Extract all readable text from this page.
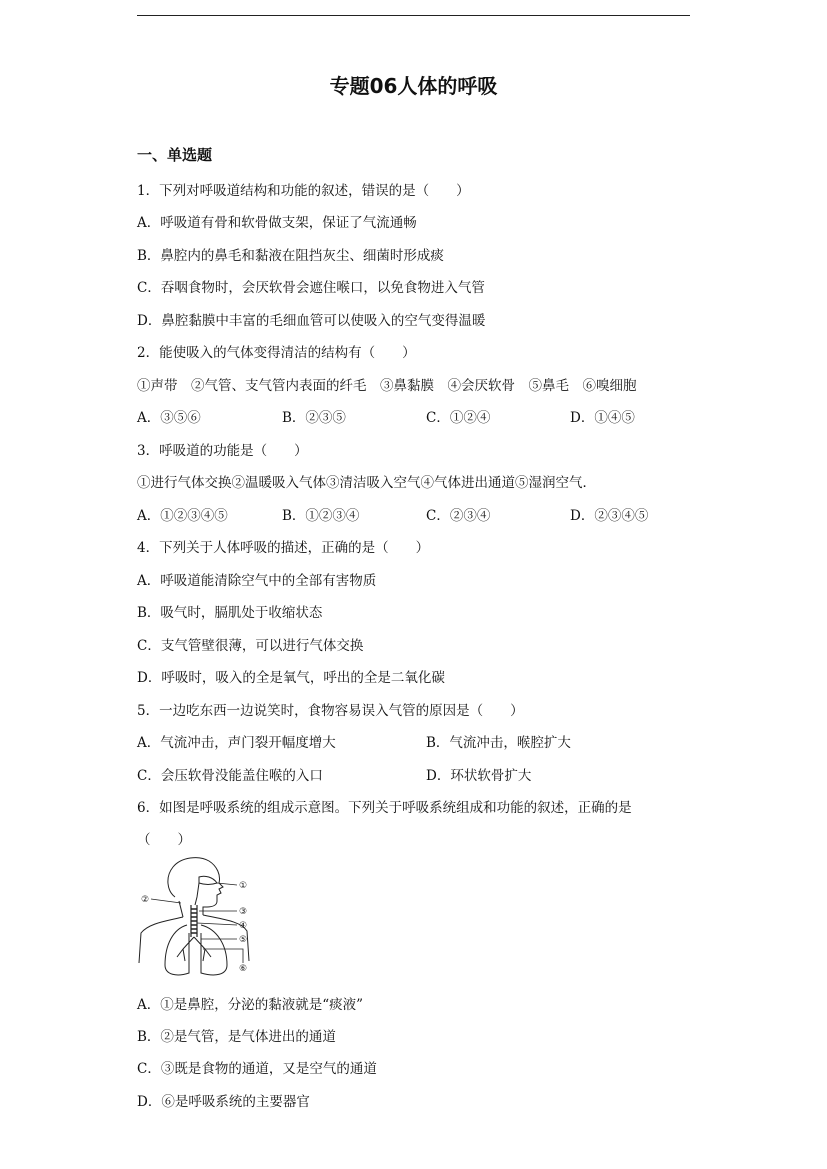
专题06人体的呼吸
一、单选题
1．下列对呼吸道结构和功能的叙述，错误的是（　　）
A．呼吸道有骨和软骨做支架，保证了气流通畅
B．鼻腔内的鼻毛和黏液在阻挡灰尘、细菌时形成痰
C．吞咽食物时，会厌软骨会遮住喉口，以免食物进入气管
D．鼻腔黏膜中丰富的毛细血管可以使吸入的空气变得温暖
2．能使吸入的气体变得清洁的结构有（　　）
①声带　②气管、支气管内表面的纤毛　③鼻黏膜　④会厌软骨　⑤鼻毛　⑥嗅细胞
A．③⑤⑥	B．②③⑤	C．①②④	D．①④⑤
3．呼吸道的功能是（　　）
①进行气体交换②温暖吸入气体③清洁吸入空气④气体进出通道⑤湿润空气．
A．①②③④⑤	B．①②③④	C．②③④	D．②③④⑤
4．下列关于人体呼吸的描述，正确的是（　　）
A．呼吸道能清除空气中的全部有害物质
B．吸气时，膈肌处于收缩状态
C．支气管壁很薄，可以进行气体交换
D．呼吸时，吸入的全是氧气，呼出的全是二氧化碳
5．一边吃东西一边说笑时，食物容易误入气管的原因是（　　）
A．气流冲击，声门裂开幅度增大	B．气流冲击，喉腔扩大
C．会压软骨没能盖住喉的入口	D．环状软骨扩大
6．如图是呼吸系统的组成示意图。下列关于呼吸系统组成和功能的叙述，正确的是
（　　）
①
②
③
④
⑤
⑥
A．①是鼻腔，分泌的黏液就是“痰液”
B．②是气管，是气体进出的通道
C．③既是食物的通道，又是空气的通道
D．⑥是呼吸系统的主要器官
